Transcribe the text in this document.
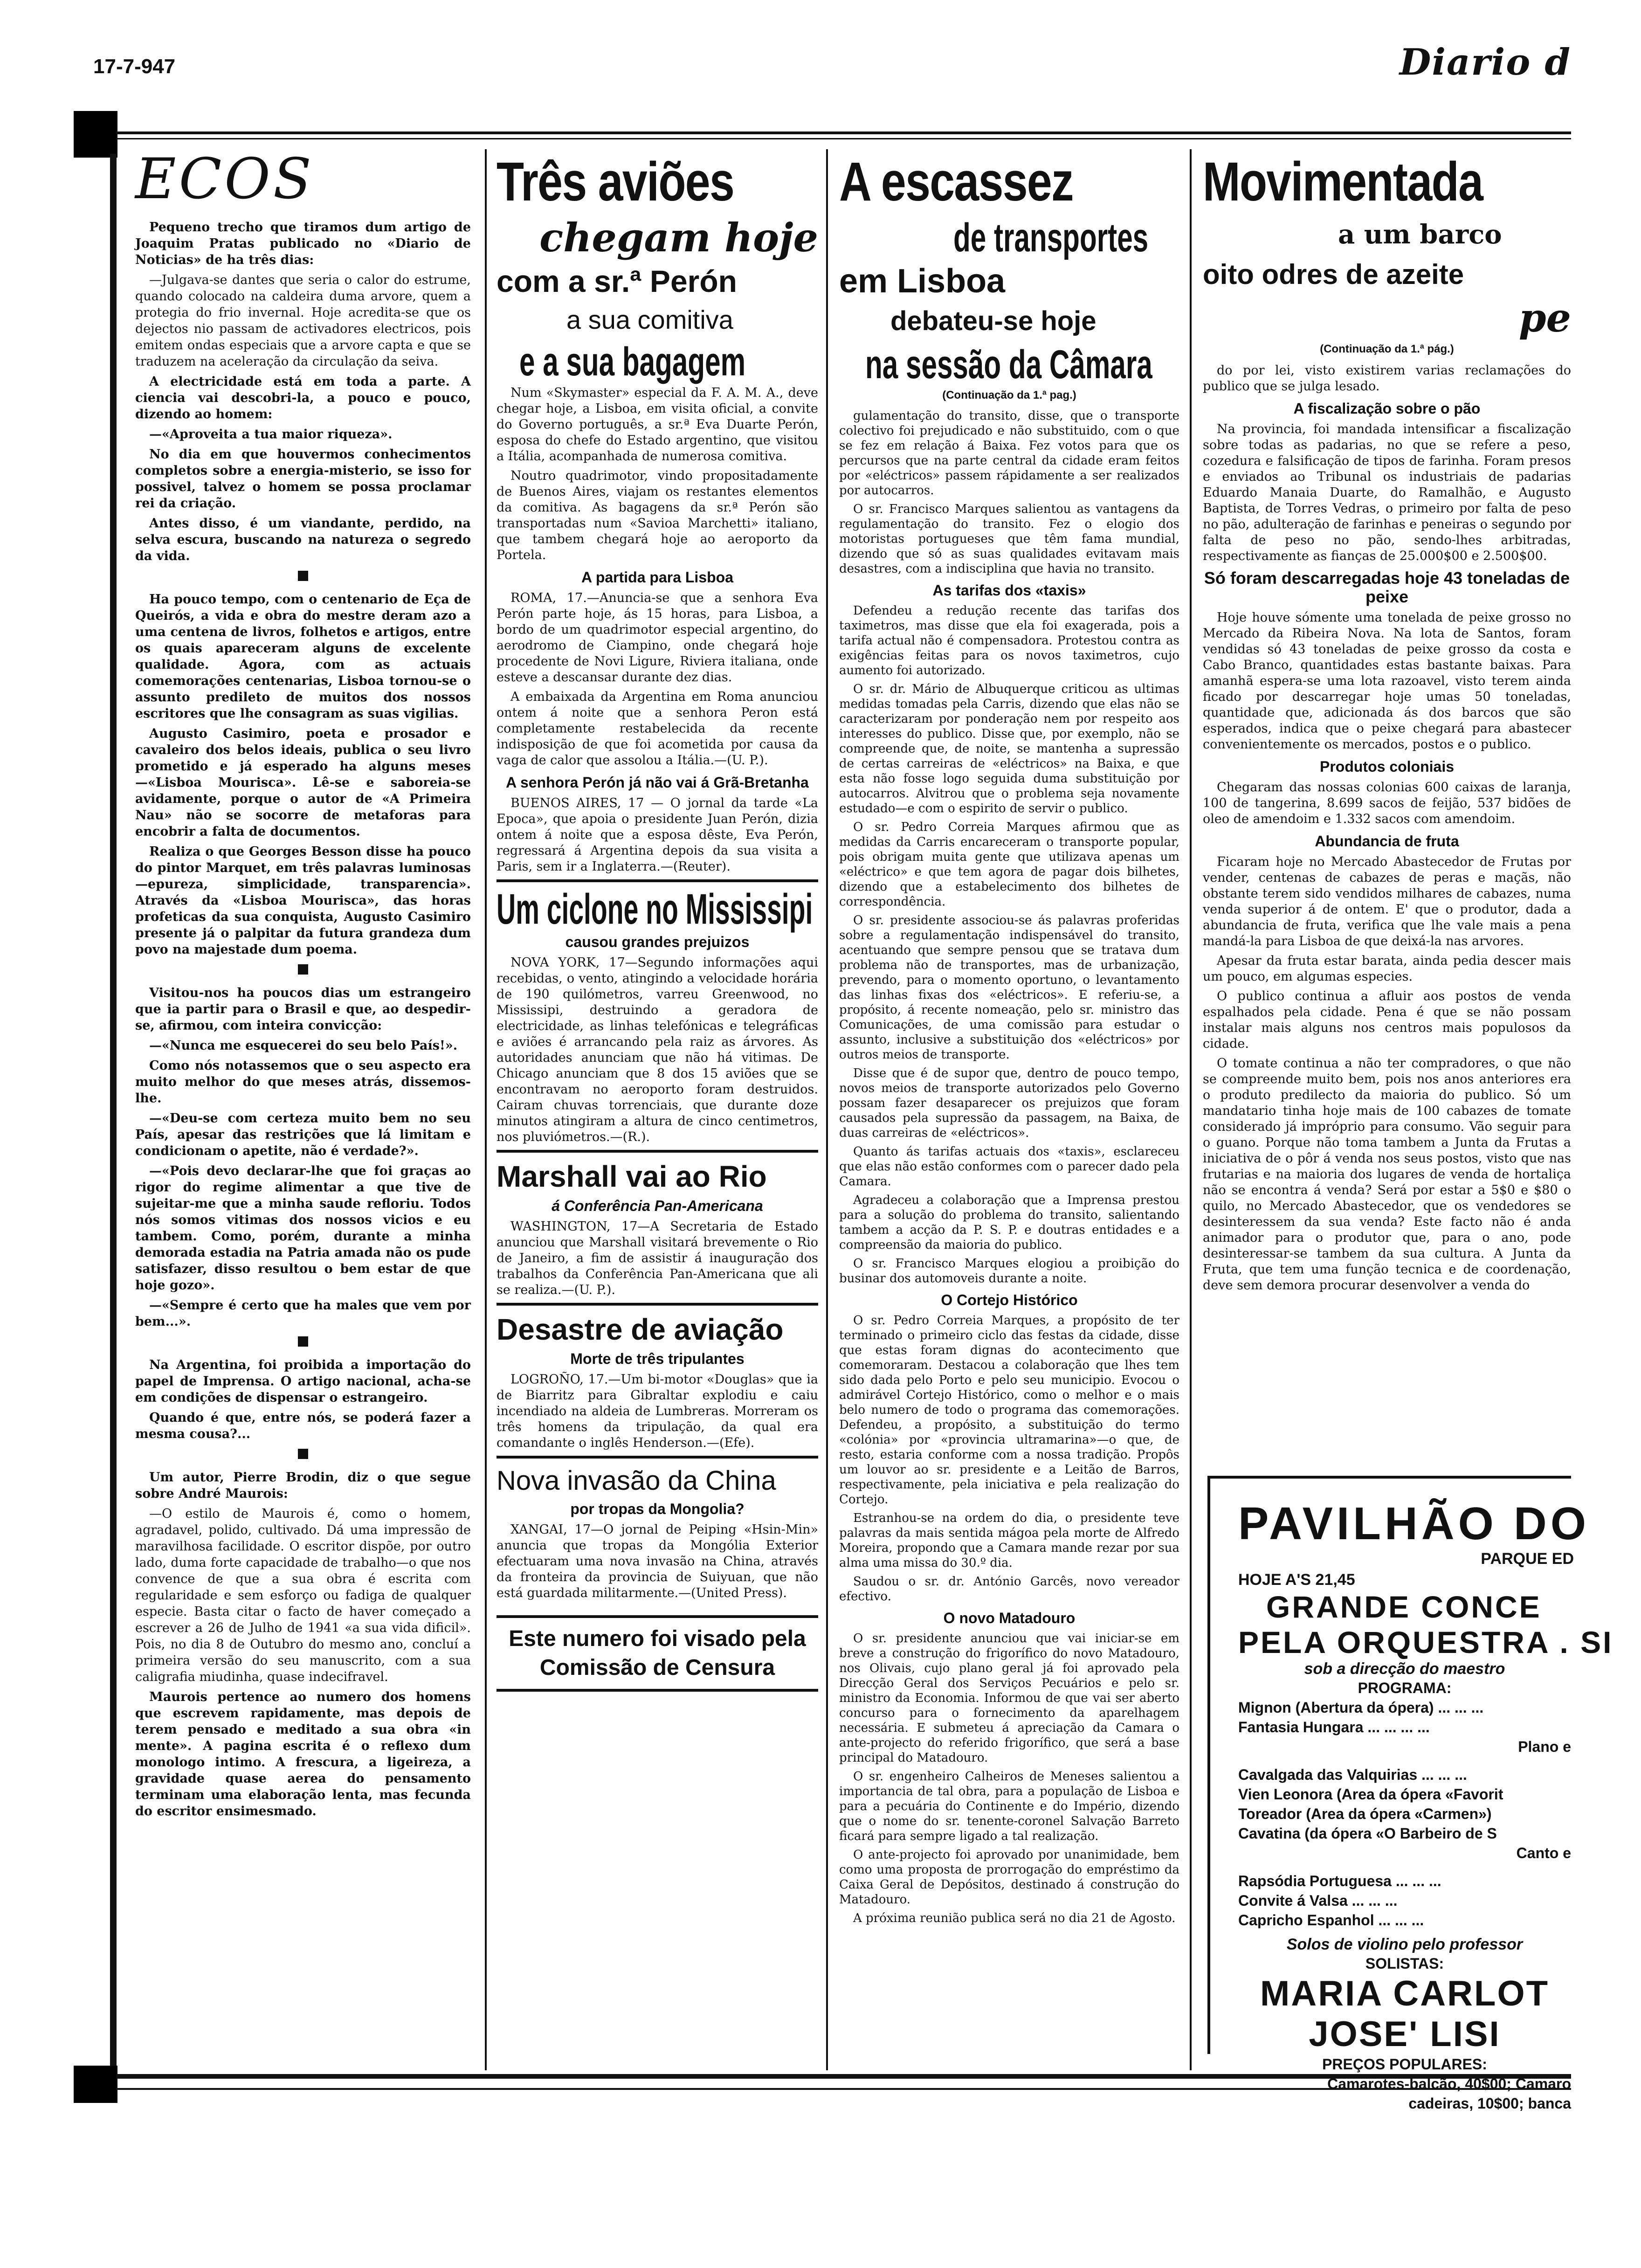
17-7-947	Diario d
ECOS

Pequeno trecho que tiramos dum artigo de Joaquim Pratas publicado no «Diario de Noticias» de ha três dias:

—Julgava-se dantes que seria o calor do estrume, quando colocado na caldeira duma arvore, quem a protegia do frio invernal. Hoje acredita-se que os dejectos nio passam de activadores electricos, pois emitem ondas especiais que a arvore capta e que se traduzem na aceleração da circulação da seiva.

A electricidade está em toda a parte. A ciencia vai descobri-la, a pouco e pouco, dizendo ao homem:

—«Aproveita a tua maior riqueza».

No dia em que houvermos conhecimentos completos sobre a energia-misterio, se isso for possivel, talvez o homem se possa proclamar rei da criação.

Antes disso, é um viandante, perdido, na selva escura, buscando na natureza o segredo da vida.

Ha pouco tempo, com o centenario de Eça de Queirós, a vida e obra do mestre deram azo a uma centena de livros, folhetos e artigos, entre os quais apareceram alguns de excelente qualidade. Agora, com as actuais comemorações centenarias, Lisboa tornou-se o assunto predileto de muitos dos nossos escritores que lhe consagram as suas vigilias.

Augusto Casimiro, poeta e prosador e cavaleiro dos belos ideais, publica o seu livro prometido e já esperado ha alguns meses—«Lisboa Mourisca». Lê-se e saboreia-se avidamente, porque o autor de «A Primeira Nau» não se socorre de metaforas para encobrir a falta de documentos.

Realiza o que Georges Besson disse ha pouco do pintor Marquet, em três palavras luminosas—epureza, simplicidade, transparencia». Através da «Lisboa Mourisca», das horas profeticas da sua conquista, Augusto Casimiro presente já o palpitar da futura grandeza dum povo na majestade dum poema.

Visitou-nos ha poucos dias um estrangeiro que ia partir para o Brasil e que, ao despedir-se, afirmou, com inteira convicção:

—«Nunca me esquecerei do seu belo País!».

Como nós notassemos que o seu aspecto era muito melhor do que meses atrás, dissemos-lhe.

—«Deu-se com certeza muito bem no seu País, apesar das restrições que lá limitam e condicionam o apetite, não é verdade?».

—«Pois devo declarar-lhe que foi graças ao rigor do regime alimentar a que tive de sujeitar-me que a minha saude refloriu. Todos nós somos vitimas dos nossos vicios e eu tambem. Como, porém, durante a minha demorada estadia na Patria amada não os pude satisfazer, disso resultou o bem estar de que hoje gozo».

—«Sempre é certo que ha males que vem por bem...».

Na Argentina, foi proibida a importação do papel de Imprensa. O artigo nacional, acha-se em condições de dispensar o estrangeiro.

Quando é que, entre nós, se poderá fazer a mesma cousa?...

Um autor, Pierre Brodin, diz o que segue sobre André Maurois:

—O estilo de Maurois é, como o homem, agradavel, polido, cultivado. Dá uma impressão de maravilhosa facilidade. O escritor dispõe, por outro lado, duma forte capacidade de trabalho—o que nos convence de que a sua obra é escrita com regularidade e sem esforço ou fadiga de qualquer especie. Basta citar o facto de haver começado a escrever a 26 de Julho de 1941 «a sua vida dificil». Pois, no dia 8 de Outubro do mesmo ano, concluí a primeira versão do seu manuscrito, com a sua caligrafia miudinha, quase indecifravel.

Maurois pertence ao numero dos homens que escrevem rapidamente, mas depois de terem pensado e meditado a sua obra «in mente». A pagina escrita é o reflexo dum monologo intimo. A frescura, a ligeireza, a gravidade quase aerea do pensamento terminam uma elaboração lenta, mas fecunda do escritor ensimesmado.

Três aviões
chegam hoje
com a sr.ª Perón
a sua comitiva
e a sua bagagem

Num «Skymaster» especial da F. A. M. A., deve chegar hoje, a Lisboa, em visita oficial, a convite do Governo português, a sr.ª Eva Duarte Perón, esposa do chefe do Estado argentino, que visitou a Itália, acompanhada de numerosa comitiva.

Noutro quadrimotor, vindo propositadamente de Buenos Aires, viajam os restantes elementos da comitiva. As bagagens da sr.ª Perón são transportadas num «Savioa Marchetti» italiano, que tambem chegará hoje ao aeroporto da Portela.

A partida para Lisboa

ROMA, 17.—Anuncia-se que a senhora Eva Perón parte hoje, ás 15 horas, para Lisboa, a bordo de um quadrimotor especial argentino, do aerodromo de Ciampino, onde chegará hoje procedente de Novi Ligure, Riviera italiana, onde esteve a descansar durante dez dias.

A embaixada da Argentina em Roma anunciou ontem á noite que a senhora Peron está completamente restabelecida da recente indisposição de que foi acometida por causa da vaga de calor que assolou a Itália.—(U. P.).

A senhora Perón já não vai á Grã-Bretanha

BUENOS AIRES, 17 — O jornal da tarde «La Epoca», que apoia o presidente Juan Perón, dizia ontem á noite que a esposa dêste, Eva Perón, regressará á Argentina depois da sua visita a Paris, sem ir a Inglaterra.—(Reuter).

Um ciclone no Mississipi
causou grandes prejuizos

NOVA YORK, 17—Segundo informações aqui recebidas, o vento, atingindo a velocidade horária de 190 quilómetros, varreu Greenwood, no Mississipi, destruindo a geradora de electricidade, as linhas telefónicas e telegráficas e aviões é arrancando pela raiz as árvores. As autoridades anunciam que não há vitimas. De Chicago anunciam que 8 dos 15 aviões que se encontravam no aeroporto foram destruidos. Cairam chuvas torrenciais, que durante doze minutos atingiram a altura de cinco centimetros, nos pluviómetros.—(R.).

Marshall vai ao Rio
á Conferência Pan-Americana

WASHINGTON, 17—A Secretaria de Estado anunciou que Marshall visitará brevemente o Rio de Janeiro, a fim de assistir á inauguração dos trabalhos da Conferência Pan-Americana que ali se realiza.—(U. P.).

Desastre de aviação
Morte de três tripulantes

LOGROÑO, 17.—Um bi-motor «Douglas» que ia de Biarritz para Gibraltar explodiu e caiu incendiado na aldeia de Lumbreras. Morreram os três homens da tripulação, da qual era comandante o inglês Henderson.—(Efe).

Nova invasão da China
por tropas da Mongolia?

XANGAI, 17—O jornal de Peiping «Hsin-Min» anuncia que tropas da Mongólia Exterior efectuaram uma nova invasão na China, através da fronteira da provincia de Suiyuan, que não está guardada militarmente.—(United Press).

Este numero foi visado pela Comissão de Censura
A escassez
de transportes
em Lisboa
debateu-se hoje
na sessão da Câmara
(Continuação da 1.ª pag.)

gulamentação do transito, disse, que o transporte colectivo foi prejudicado e não substituido, com o que se fez em relação á Baixa. Fez votos para que os percursos que na parte central da cidade eram feitos por «eléctricos» passem rápidamente a ser realizados por autocarros.

O sr. Francisco Marques salientou as vantagens da regulamentação do transito. Fez o elogio dos motoristas portugueses que têm fama mundial, dizendo que só as suas qualidades evitavam mais desastres, com a indisciplina que havia no transito.

As tarifas dos «taxis»

Defendeu a redução recente das tarifas dos taximetros, mas disse que ela foi exagerada, pois a tarifa actual não é compensadora. Protestou contra as exigências feitas para os novos taximetros, cujo aumento foi autorizado.

O sr. dr. Mário de Albuquerque criticou as ultimas medidas tomadas pela Carris, dizendo que elas não se caracterizaram por ponderação nem por respeito aos interesses do publico. Disse que, por exemplo, não se compreende que, de noite, se mantenha a supressão de certas carreiras de «eléctricos» na Baixa, e que esta não fosse logo seguida duma substituição por autocarros. Alvitrou que o problema seja novamente estudado—e com o espirito de servir o publico.

O sr. Pedro Correia Marques afirmou que as medidas da Carris encareceram o transporte popular, pois obrigam muita gente que utilizava apenas um «eléctrico» e que tem agora de pagar dois bilhetes, dizendo que a estabelecimento dos bilhetes de correspondência.

O sr. presidente associou-se ás palavras proferidas sobre a regulamentação indispensável do transito, acentuando que sempre pensou que se tratava dum problema não de transportes, mas de urbanização, prevendo, para o momento oportuno, o levantamento das linhas fixas dos «eléctricos». E referiu-se, a propósito, á recente nomeação, pelo sr. ministro das Comunicações, de uma comissão para estudar o assunto, inclusive a substituição dos «eléctricos» por outros meios de transporte.

Disse que é de supor que, dentro de pouco tempo, novos meios de transporte autorizados pelo Governo possam fazer desaparecer os prejuizos que foram causados pela supressão da passagem, na Baixa, de duas carreiras de «eléctricos».

Quanto ás tarifas actuais dos «taxis», esclareceu que elas não estão conformes com o parecer dado pela Camara.

Agradeceu a colaboração que a Imprensa prestou para a solução do problema do transito, salientando tambem a acção da P. S. P. e doutras entidades e a compreensão da maioria do publico.

O sr. Francisco Marques elogiou a proibição do businar dos automoveis durante a noite.

O Cortejo Histórico

O sr. Pedro Correia Marques, a propósito de ter terminado o primeiro ciclo das festas da cidade, disse que estas foram dignas do acontecimento que comemoraram. Destacou a colaboração que lhes tem sido dada pelo Porto e pelo seu municipio. Evocou o admirável Cortejo Histórico, como o melhor e o mais belo numero de todo o programa das comemorações. Defendeu, a propósito, a substituição do termo «colónia» por «provincia ultramarina»—o que, de resto, estaria conforme com a nossa tradição. Propôs um louvor ao sr. presidente e a Leitão de Barros, respectivamente, pela iniciativa e pela realização do Cortejo.

Estranhou-se na ordem do dia, o presidente teve palavras da mais sentida mágoa pela morte de Alfredo Moreira, propondo que a Camara mande rezar por sua alma uma missa do 30.º dia.

Saudou o sr. dr. António Garcês, novo vereador efectivo.

O novo Matadouro

O sr. presidente anunciou que vai iniciar-se em breve a construção do frigorífico do novo Matadouro, nos Olivais, cujo plano geral já foi aprovado pela Direcção Geral dos Serviços Pecuários e pelo sr. ministro da Economia. Informou de que vai ser aberto concurso para o fornecimento da aparelhagem necessária. E submeteu á apreciação da Camara o ante-projecto do referido frigorífico, que será a base principal do Matadouro.

O sr. engenheiro Calheiros de Meneses salientou a importancia de tal obra, para a população de Lisboa e para a pecuária do Continente e do Império, dizendo que o nome do sr. tenente-coronel Salvação Barreto ficará para sempre ligado a tal realização.

O ante-projecto foi aprovado por unanimidade, bem como uma proposta de prorrogação do empréstimo da Caixa Geral de Depósitos, destinado á construção do Matadouro.

A próxima reunião publica será no dia 21 de Agosto.

Movimentada
a um barco
oito odres de azeite
pe
(Continuação da 1.ª pág.)

do por lei, visto existirem varias reclamações do publico que se julga lesado.

A fiscalização sobre o pão

Na provincia, foi mandada intensificar a fiscalização sobre todas as padarias, no que se refere a peso, cozedura e falsificação de tipos de farinha. Foram presos e enviados ao Tribunal os industriais de padarias Eduardo Manaia Duarte, do Ramalhão, e Augusto Baptista, de Torres Vedras, o primeiro por falta de peso no pão, adulteração de farinhas e peneiras o segundo por falta de peso no pão, sendo-lhes arbitradas, respectivamente as fianças de 25.000$00 e 2.500$00.

Só foram descarregadas hoje 43 toneladas de peixe

Hoje houve sómente uma tonelada de peixe grosso no Mercado da Ribeira Nova. Na lota de Santos, foram vendidas só 43 toneladas de peixe grosso da costa e Cabo Branco, quantidades estas bastante baixas. Para amanhã espera-se uma lota razoavel, visto terem ainda ficado por descarregar hoje umas 50 toneladas, quantidade que, adicionada ás dos barcos que são esperados, indica que o peixe chegará para abastecer convenientemente os mercados, postos e o publico.

Produtos coloniais

Chegaram das nossas colonias 600 caixas de laranja, 100 de tangerina, 8.699 sacos de feijão, 537 bidões de oleo de amendoim e 1.332 sacos com amendoim.

Abundancia de fruta

Ficaram hoje no Mercado Abastecedor de Frutas por vender, centenas de cabazes de peras e maçãs, não obstante terem sido vendidos milhares de cabazes, numa venda superior á de ontem. E' que o produtor, dada a abundancia de fruta, verifica que lhe vale mais a pena mandá-la para Lisboa de que deixá-la nas arvores.

Apesar da fruta estar barata, ainda pedia descer mais um pouco, em algumas especies.

O publico continua a afluir aos postos de venda espalhados pela cidade. Pena é que se não possam instalar mais alguns nos centros mais populosos da cidade.

O tomate continua a não ter compradores, o que não se compreende muito bem, pois nos anos anteriores era o produto predilecto da maioria do publico. Só um mandatario tinha hoje mais de 100 cabazes de tomate considerado já impróprio para consumo. Vão seguir para o guano. Porque não toma tambem a Junta da Frutas a iniciativa de o pôr á venda nos seus postos, visto que nas frutarias e na maioria dos lugares de venda de hortaliça não se encontra á venda? Será por estar a 5$0 e $80 o quilo, no Mercado Abastecedor, que os vendedores se desinteressem da sua venda? Este facto não é anda animador para o produtor que, para o ano, pode desinteressar-se tambem da sua cultura. A Junta da Fruta, que tem uma função tecnica e de coordenação, deve sem demora procurar desenvolver a venda do

PAVILHÃO DO
PARQUE ED
HOJE A'S 21,45
GRANDE CONCE
PELA ORQUESTRA . SI
sob a direcção do maestro
PROGRAMA:
Mignon (Abertura da ópera) ... ... ...
Fantasia Hungara ... ... ... ...
Plano e
Cavalgada das Valquirias ... ... ...
Vien Leonora (Area da ópera «Favorit
Toreador (Area da ópera «Carmen»)
Cavatina (da ópera «O Barbeiro de S
Canto e
Rapsódia Portuguesa ... ... ...
Convite á Valsa ... ... ...
Capricho Espanhol ... ... ...
Solos de violino pelo professor
SOLISTAS:
MARIA CARLOT
JOSE' LISI
PREÇOS POPULARES:
Camarotes-balcão, 40$00; Camaro
cadeiras, 10$00; banca
